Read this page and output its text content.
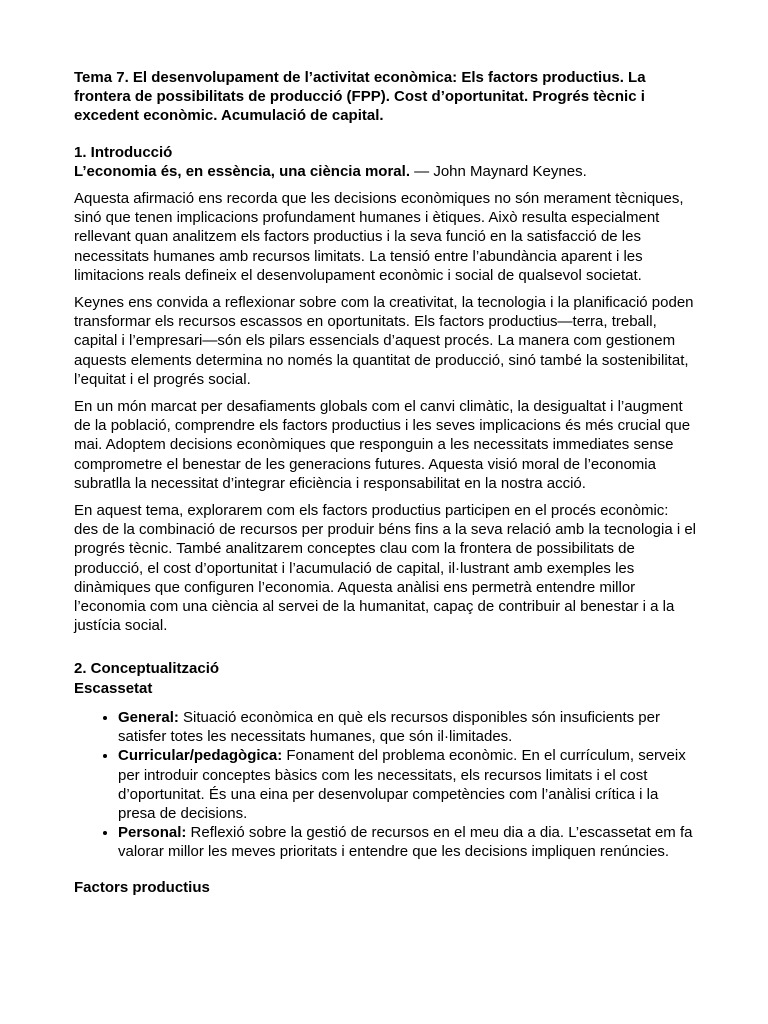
Tema 7. El desenvolupament de l’activitat econòmica: Els factors productius. La frontera de possibilitats de producció (FPP). Cost d’oportunitat. Progrés tècnic i excedent econòmic. Acumulació de capital.
1. Introducció
L’economia és, en essència, una ciència moral. — John Maynard Keynes.

Aquesta afirmació ens recorda que les decisions econòmiques no són merament tècniques, sinó que tenen implicacions profundament humanes i ètiques. Això resulta especialment rellevant quan analitzem els factors productius i la seva funció en la satisfacció de les necessitats humanes amb recursos limitats. La tensió entre l’abundància aparent i les limitacions reals defineix el desenvolupament econòmic i social de qualsevol societat.

Keynes ens convida a reflexionar sobre com la creativitat, la tecnologia i la planificació poden transformar els recursos escassos en oportunitats. Els factors productius—terra, treball, capital i l’empresari—són els pilars essencials d’aquest procés. La manera com gestionem aquests elements determina no només la quantitat de producció, sinó també la sostenibilitat, l’equitat i el progrés social.

En un món marcat per desafiaments globals com el canvi climàtic, la desigualtat i l’augment de la població, comprendre els factors productius i les seves implicacions és més crucial que mai. Adoptem decisions econòmiques que responguin a les necessitats immediates sense comprometre el benestar de les generacions futures. Aquesta visió moral de l’economia subratlla la necessitat d’integrar eficiència i responsabilitat en la nostra acció.

En aquest tema, explorarem com els factors productius participen en el procés econòmic: des de la combinació de recursos per produir béns fins a la seva relació amb la tecnologia i el progrés tècnic. També analitzarem conceptes clau com la frontera de possibilitats de producció, el cost d’oportunitat i l’acumulació de capital, il·lustrant amb exemples les dinàmiques que configuren l’economia. Aquesta anàlisi ens permetrà entendre millor l’economia com una ciència al servei de la humanitat, capaç de contribuir al benestar i a la justícia social.

2. Conceptualització
Escassetat
• General: Situació econòmica en què els recursos disponibles són insuficients per satisfer totes les necessitats humanes, que són il·limitades.
• Curricular/pedagògica: Fonament del problema econòmic. En el currículum, serveix per introduir conceptes bàsics com les necessitats, els recursos limitats i el cost d’oportunitat. És una eina per desenvolupar competències com l’anàlisi crítica i la presa de decisions.
• Personal: Reflexió sobre la gestió de recursos en el meu dia a dia. L’escassetat em fa valorar millor les meves prioritats i entendre que les decisions impliquen renúncies.
Factors productius
